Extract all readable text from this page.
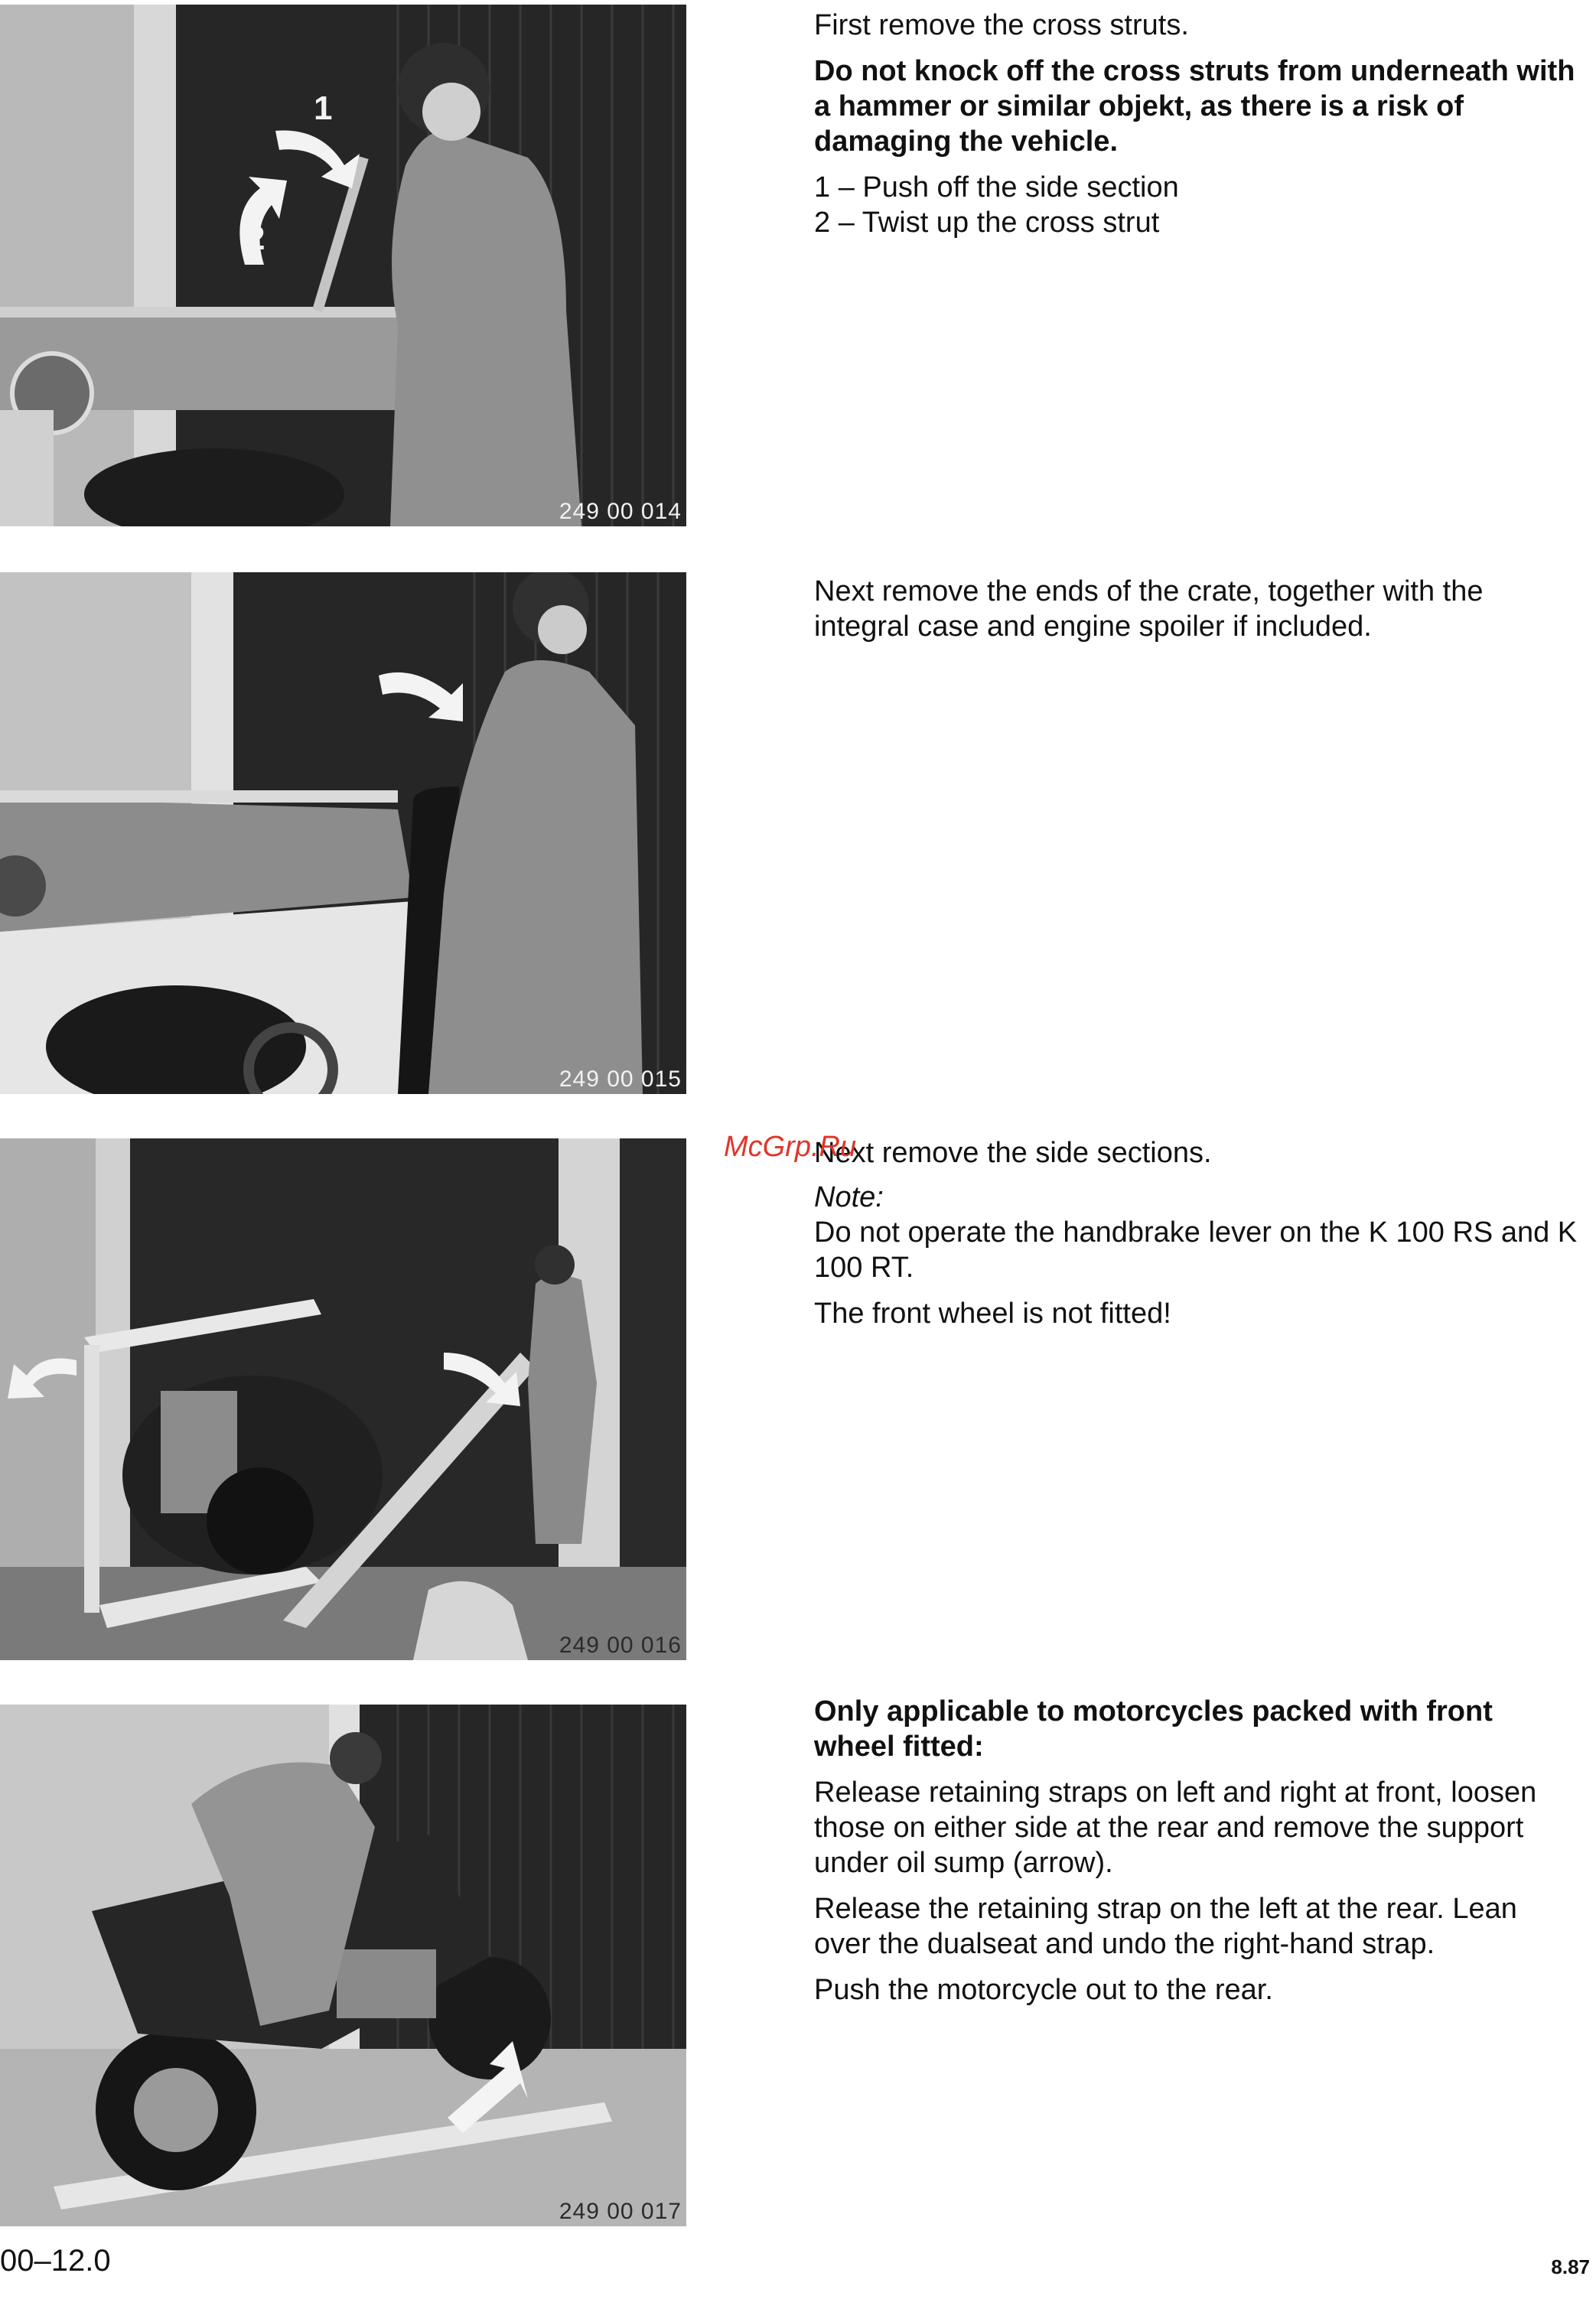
1
2
249 00 014

First remove the cross struts.

Do not knock off the cross struts from underneath with a hammer or similar objekt, as there is a risk of damaging the vehicle.

1 – Push off the side section

2 – Twist up the cross strut

249 00 015

Next remove the ends of the crate, together with the integral case and engine spoiler if included.

249 00 016

Next remove the side sections.

Note:

Do not operate the handbrake lever on the K 100 RS and K 100 RT.

The front wheel is not fitted!

McGrp.Ru
249 00 017

Only applicable to motorcycles packed with front wheel fitted:

Release retaining straps on left and right at front, loosen those on either side at the rear and remove the support under oil sump (arrow).

Release the retaining strap on the left at the rear. Lean over the dualseat and undo the right-hand strap.

Push the motorcycle out to the rear.

00–12.0	8.87
